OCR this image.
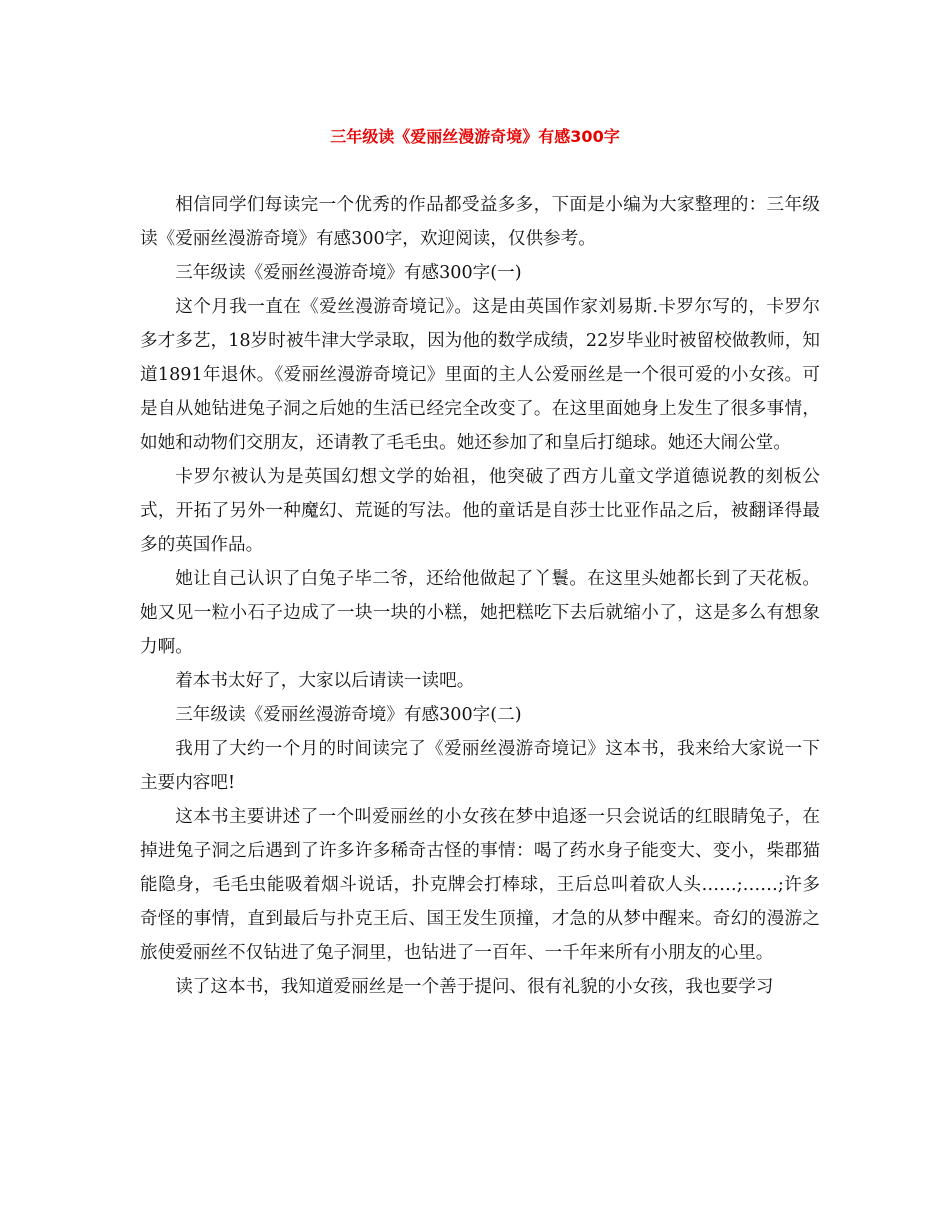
三年级读《爱丽丝漫游奇境》有感300字

相信同学们每读完一个优秀的作品都受益多多，下面是小编为大家整理的：三年级读《爱丽丝漫游奇境》有感300字，欢迎阅读，仅供参考。

三年级读《爱丽丝漫游奇境》有感300字(一)

这个月我一直在《爱丝漫游奇境记》。这是由英国作家刘易斯.卡罗尔写的，卡罗尔 多才多艺，18岁时被牛津大学录取，因为他的数学成绩，22岁毕业时被留校做教师，知道1891年退休。《爱丽丝漫游奇境记》里面的主人公爱丽丝是一个很可爱的小女孩。可是自从她钻进兔子洞之后她的生活已经完全改变了。在这里面她身上发生了很多事情，如她和动物们交朋友，还请教了毛毛虫。她还参加了和皇后打缒球。她还大闹公堂。

卡罗尔被认为是英国幻想文学的始祖，他突破了西方儿童文学道德说教的刻板公式，开拓了另外一种魔幻、荒诞的写法。他的童话是自莎士比亚作品之后，被翻译得最多的英国作品。

她让自己认识了白兔子毕二爷，还给他做起了丫鬟。在这里头她都长到了天花板。她又见一粒小石子边成了一块一块的小糕，她把糕吃下去后就缩小了，这是多么有想象力啊。

着本书太好了，大家以后请读一读吧。

三年级读《爱丽丝漫游奇境》有感300字(二)

我用了大约一个月的时间读完了《爱丽丝漫游奇境记》这本书，我来给大家说一下主要内容吧!

这本书主要讲述了一个叫爱丽丝的小女孩在梦中追逐一只会说话的红眼睛兔子，在掉进兔子洞之后遇到了许多许多稀奇古怪的事情：喝了药水身子能变大、变小，柴郡猫能隐身，毛毛虫能吸着烟斗说话，扑克牌会打棒球，王后总叫着砍人头……;……;许多奇怪的事情，直到最后与扑克王后、国王发生顶撞，才急的从梦中醒来。奇幻的漫游之旅使爱丽丝不仅钻进了兔子洞里，也钻进了一百年、一千年来所有小朋友的心里。

读了这本书，我知道爱丽丝是一个善于提问、很有礼貌的小女孩，我也要学习
